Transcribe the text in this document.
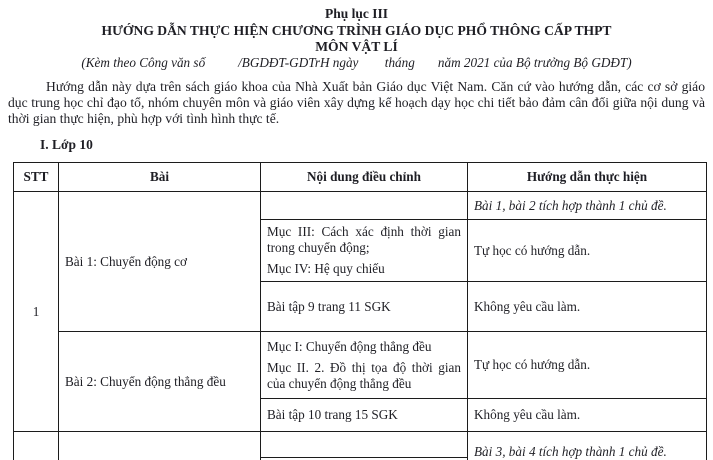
Phụ lục III
HƯỚNG DẪN THỰC HIỆN CHƯƠNG TRÌNH GIÁO DỤC PHỔ THÔNG CẤP THPT
MÔN VẬT LÍ
(Kèm theo Công văn số          /BGDĐT-GDTrH ngày        tháng       năm 2021 của Bộ trưởng Bộ GDĐT)

Hướng dẫn này dựa trên sách giáo khoa của Nhà Xuất bản Giáo dục Việt Nam. Căn cứ vào hướng dẫn, các cơ sở giáo dục trung học chỉ đạo tổ, nhóm chuyên môn và giáo viên xây dựng kế hoạch dạy học chi tiết bảo đảm cân đối giữa nội dung và thời gian thực hiện, phù hợp với tình hình thực tế.

I. Lớp 10
STT	Bài	Nội dung điều chỉnh	Hướng dẫn thực hiện
1	Bài 1: Chuyển động cơ		Bài 1, bài 2 tích hợp thành 1 chủ đề.

		Mục III: Cách xác định thời gian trong chuyển động;

Mục IV: Hệ quy chiếu	Tự học có hướng dẫn.
		Bài tập 9 trang 11 SGK	Không yêu cầu làm.
	Bài 2: Chuyển động thẳng đều	Mục I: Chuyển động thẳng đều

Mục II. 2. Đồ thị tọa độ thời gian của chuyển động thẳng đều	Tự học có hướng dẫn.
		Bài tập 10 trang 15 SGK	Không yêu cầu làm.
			Bài 3, bài 4 tích hợp thành 1 chủ đề.
